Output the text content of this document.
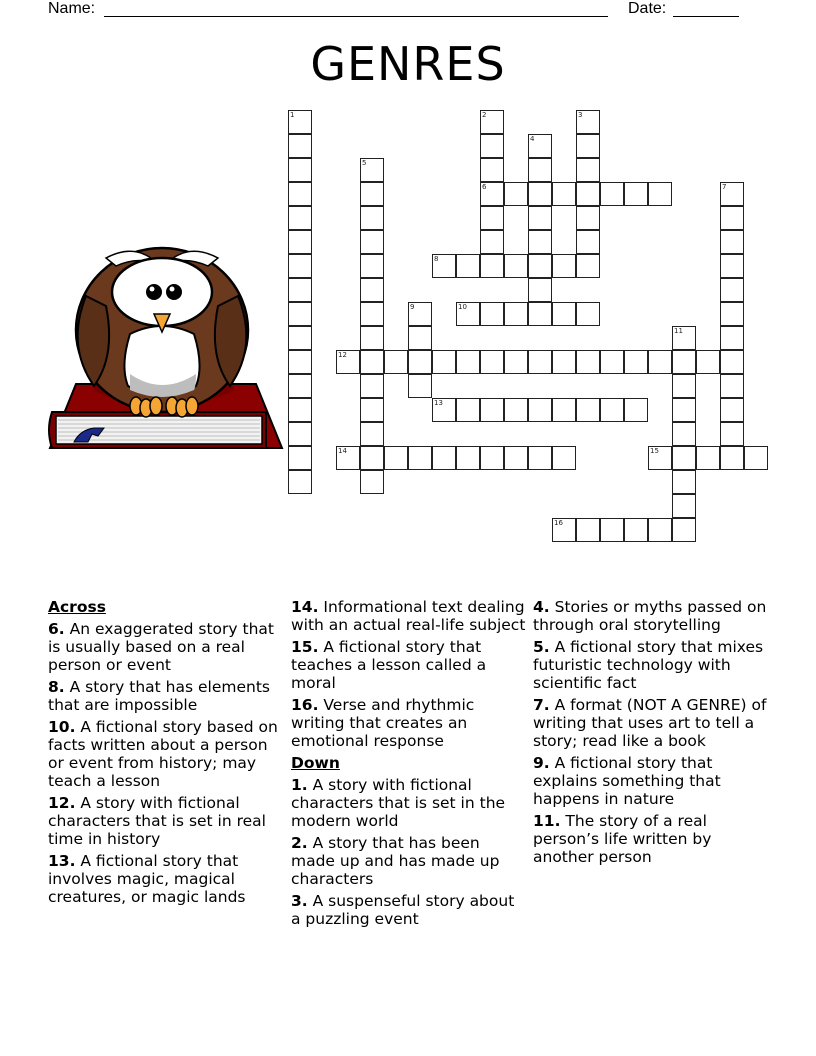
Name:	Date:
GENRES
1	2
6
3
4
5
7
8
9	10
11
12
13
14	15
16
Across
6. An exaggerated story that is usually based on a real person or event
8. A story that has elements that are impossible
10. A fictional story based on facts written about a person or event from history; may teach a lesson
12. A story with fictional characters that is set in real time in history
13. A fictional story that involves magic, magical creatures, or magic lands
14. Informational text dealing with an actual real-life subject
15. A fictional story that teaches a lesson called a moral
16. Verse and rhythmic writing that creates an emotional response
Down
1. A story with fictional characters that is set in the modern world
2. A story that has been made up and has made up characters
3. A suspenseful story about a puzzling event
4. Stories or myths passed on through oral storytelling
5. A fictional story that mixes futuristic technology with scientific fact
7. A format (NOT A GENRE) of writing that uses art to tell a story; read like a book
9. A fictional story that explains something that happens in nature
11. The story of a real person’s life written by another person
